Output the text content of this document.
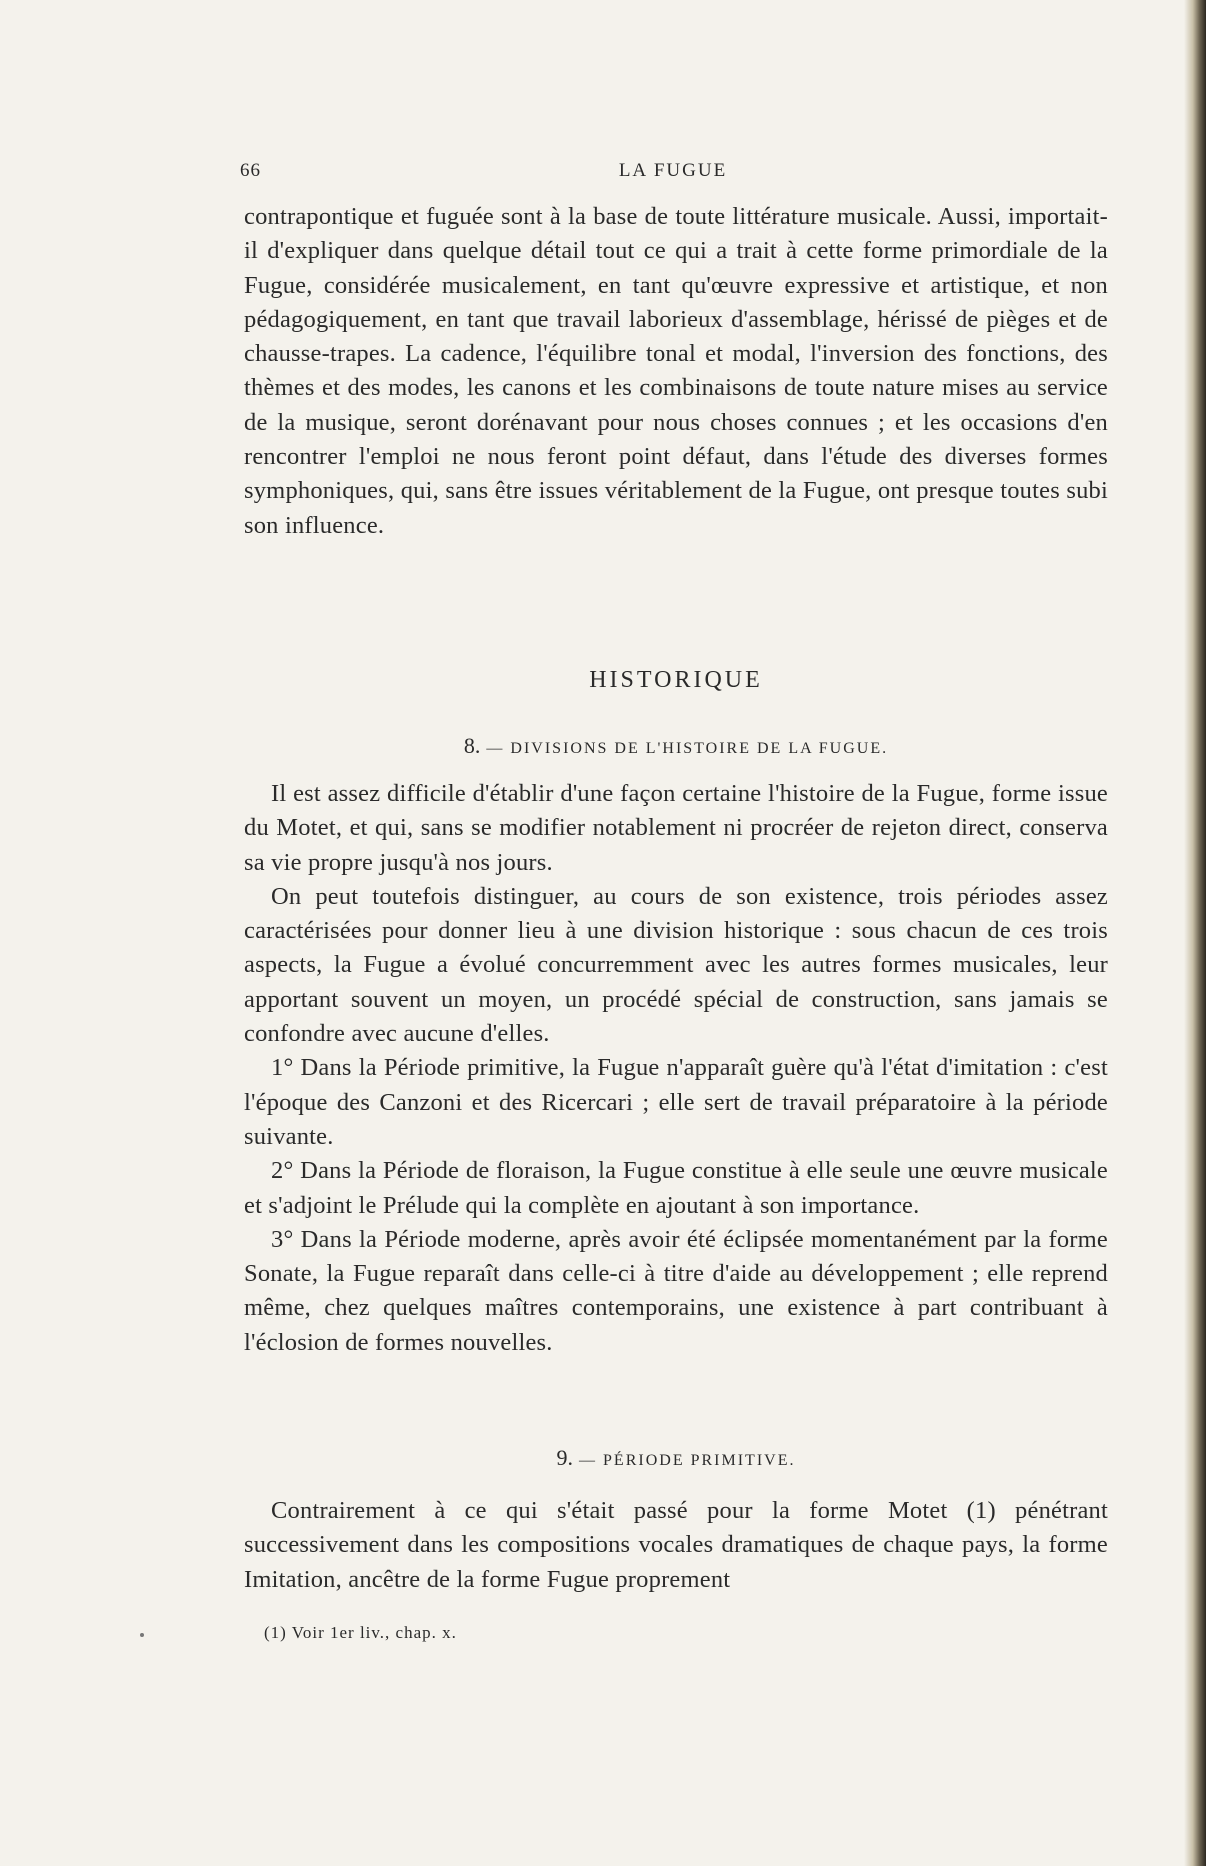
66	LA FUGUE

contrapontique et fuguée sont à la base de toute littérature musicale. Aussi, importait-il d'expliquer dans quelque détail tout ce qui a trait à cette forme primordiale de la Fugue, considérée musicalement, en tant qu'œuvre expressive et artistique, et non pédagogiquement, en tant que travail laborieux d'assemblage, hérissé de pièges et de chausse-trapes. La cadence, l'équilibre tonal et modal, l'inversion des fonctions, des thèmes et des modes, les canons et les combinaisons de toute nature mises au service de la musique, seront dorénavant pour nous choses connues ; et les occasions d'en rencontrer l'emploi ne nous feront point défaut, dans l'étude des diverses formes symphoniques, qui, sans être issues véritablement de la Fugue, ont presque toutes subi son influence.

HISTORIQUE
8. — DIVISIONS DE L'HISTOIRE DE LA FUGUE.

Il est assez difficile d'établir d'une façon certaine l'histoire de la Fugue, forme issue du Motet, et qui, sans se modifier notablement ni procréer de rejeton direct, conserva sa vie propre jusqu'à nos jours.

On peut toutefois distinguer, au cours de son existence, trois périodes assez caractérisées pour donner lieu à une division historique : sous chacun de ces trois aspects, la Fugue a évolué concurremment avec les autres formes musicales, leur apportant souvent un moyen, un procédé spécial de construction, sans jamais se confondre avec aucune d'elles.

1° Dans la Période primitive, la Fugue n'apparaît guère qu'à l'état d'imitation : c'est l'époque des Canzoni et des Ricercari ; elle sert de travail préparatoire à la période suivante.

2° Dans la Période de floraison, la Fugue constitue à elle seule une œuvre musicale et s'adjoint le Prélude qui la complète en ajoutant à son importance.

3° Dans la Période moderne, après avoir été éclipsée momentanément par la forme Sonate, la Fugue reparaît dans celle-ci à titre d'aide au développement ; elle reprend même, chez quelques maîtres contemporains, une existence à part contribuant à l'éclosion de formes nouvelles.

9. — PÉRIODE PRIMITIVE.

Contrairement à ce qui s'était passé pour la forme Motet (1) pénétrant successivement dans les compositions vocales dramatiques de chaque pays, la forme Imitation, ancêtre de la forme Fugue proprement

(1) Voir 1er liv., chap. x.
